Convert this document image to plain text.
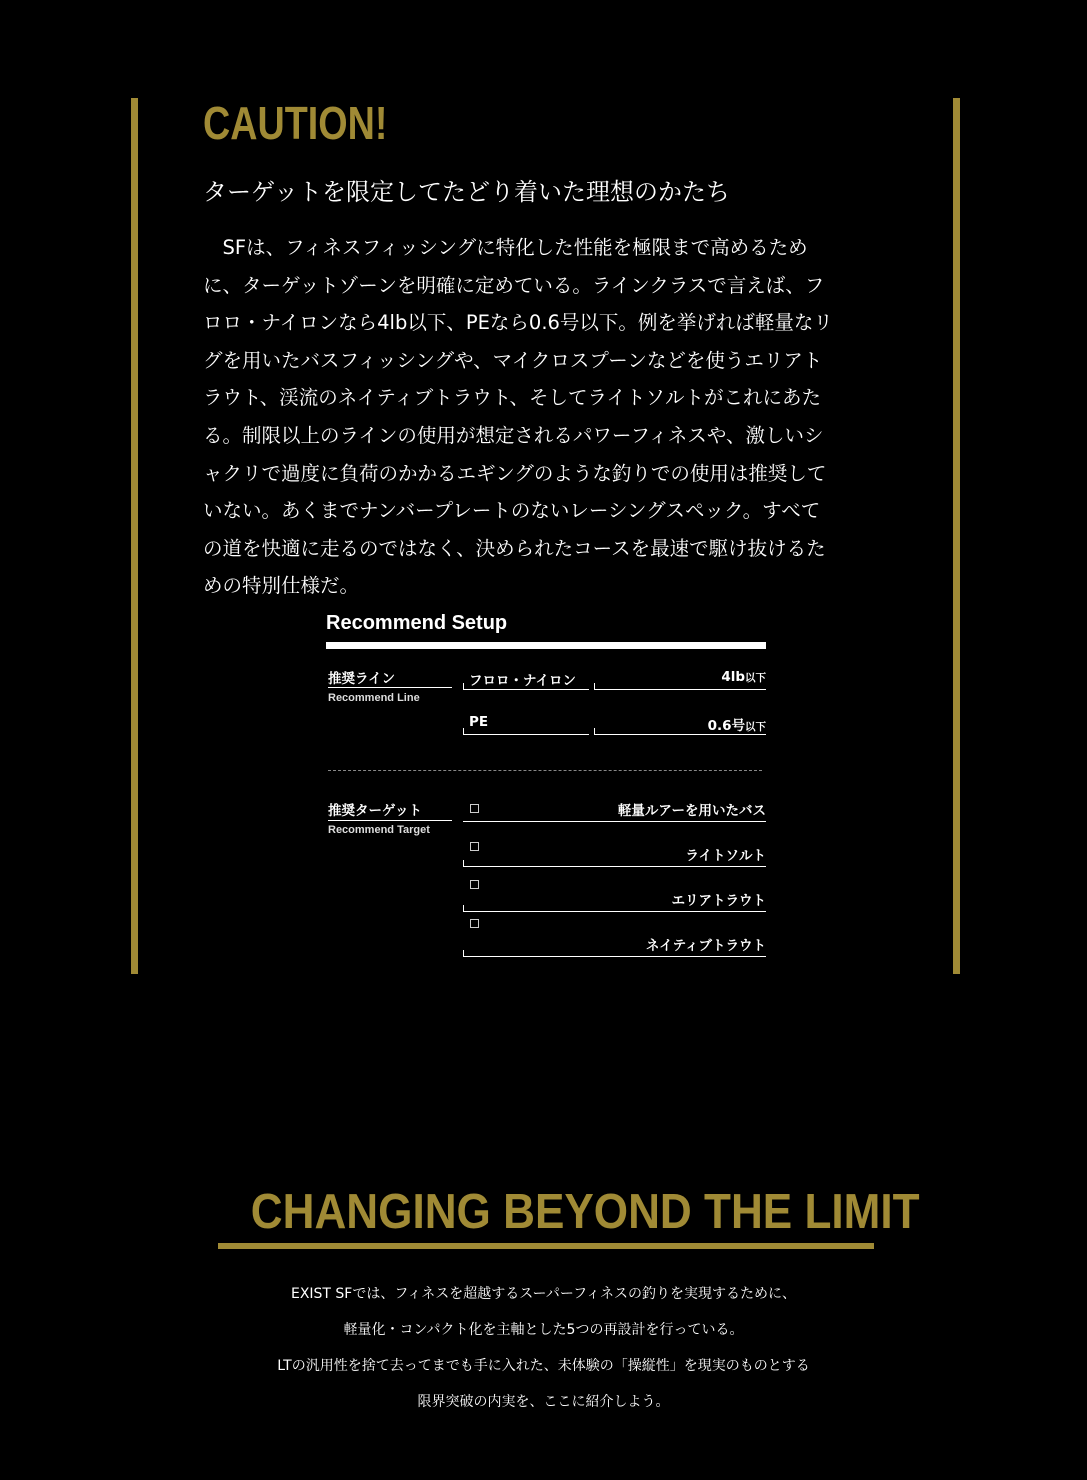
CAUTION!
ターゲットを限定してたどり着いた理想のかたち

　SFは、フィネスフィッシングに特化した性能を極限まで高めるため
に、ターゲットゾーンを明確に定めている。ラインクラスで言えば、フ
ロロ・ナイロンなら4lb以下、PEなら0.6号以下。例を挙げれば軽量なリ
グを用いたバスフィッシングや、マイクロスプーンなどを使うエリアト
ラウト、渓流のネイティブトラウト、そしてライトソルトがこれにあた
る。制限以上のラインの使用が想定されるパワーフィネスや、激しいシ
ャクリで過度に負荷のかかるエギングのような釣りでの使用は推奨して
いない。あくまでナンバープレートのないレーシングスペック。すべて
の道を快適に走るのではなく、決められたコースを最速で駆け抜けるた
めの特別仕様だ。

Recommend Setup
推奨ライン
Recommend Line
フロロ・ナイロン	4lb以下
PE	0.6号以下
推奨ターゲット
Recommend Target
軽量ルアーを用いたバス
ライトソルト
エリアトラウト
ネイティブトラウト
CHANGING BEYOND THE LIMIT

EXIST SFでは、フィネスを超越するスーパーフィネスの釣りを実現するために、
軽量化・コンパクト化を主軸とした5つの再設計を行っている。
LTの汎用性を捨て去ってまでも手に入れた、未体験の「操縦性」を現実のものとする
限界突破の内実を、ここに紹介しよう。
